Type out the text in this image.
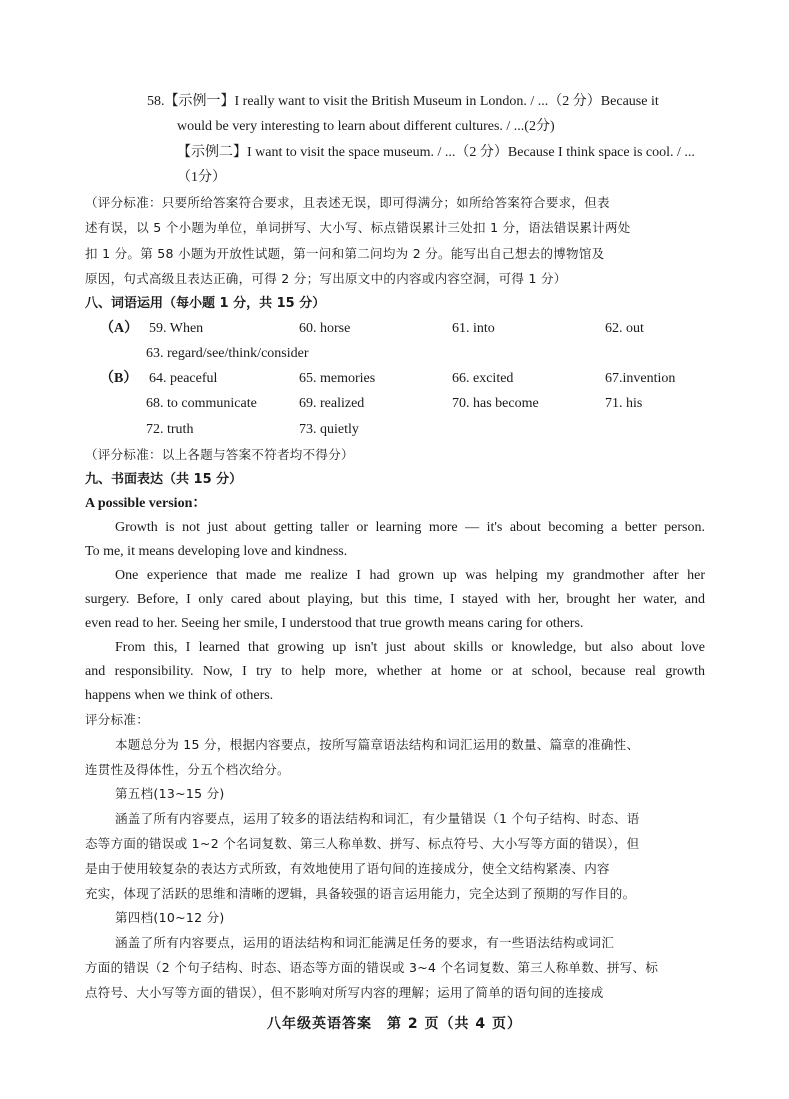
58.【示例一】I really want to visit the British Museum in London. / ...（2 分）Because it
would be very interesting to learn about different cultures. / ...(2分)
【示例二】I want to visit the space museum. / ...（2 分）Because I think space is cool. / ...
（1分）
（评分标准：只要所给答案符合要求，且表述无误，即可得满分；如所给答案符合要求，但表
述有误，以 5 个小题为单位，单词拼写、大小写、标点错误累计三处扣 1 分，语法错误累计两处
扣 1 分。第 58 小题为开放性试题，第一问和第二问均为 2 分。能写出自己想去的博物馆及
原因，句式高级且表达正确，可得 2 分；写出原文中的内容或内容空洞，可得 1 分）
八、词语运用（每小题 1 分，共 15 分）
（A） 59. When	60. horse	61. into	62. out
63. regard/see/think/consider
（B） 64. peaceful	65. memories	66. excited	67.invention
68. to communicate	69. realized	70. has become	71. his
72. truth	73. quietly
（评分标准：以上各题与答案不符者均不得分）
九、书面表达（共 15 分）
A possible version：
Growth is not just about getting taller or learning more — it's about becoming a better person.
To me, it means developing love and kindness.
One experience that made me realize I had grown up was helping my grandmother after her
surgery. Before, I only cared about playing, but this time, I stayed with her, brought her water, and
even read to her. Seeing her smile, I understood that true growth means caring for others.
From this, I learned that growing up isn't just about skills or knowledge, but also about love
and responsibility. Now, I try to help more, whether at home or at school, because real growth
happens when we think of others.
评分标准：
本题总分为 15 分，根据内容要点，按所写篇章语法结构和词汇运用的数量、篇章的准确性、
连贯性及得体性，分五个档次给分。
第五档(13~15 分)
涵盖了所有内容要点，运用了较多的语法结构和词汇，有少量错误（1 个句子结构、时态、语
态等方面的错误或 1~2 个名词复数、第三人称单数、拼写、标点符号、大小写等方面的错误），但
是由于使用较复杂的表达方式所致，有效地使用了语句间的连接成分，使全文结构紧凑、内容
充实，体现了活跃的思维和清晰的逻辑，具备较强的语言运用能力，完全达到了预期的写作目的。
第四档(10~12 分)
涵盖了所有内容要点，运用的语法结构和词汇能满足任务的要求，有一些语法结构或词汇
方面的错误（2 个句子结构、时态、语态等方面的错误或 3~4 个名词复数、第三人称单数、拼写、标
点符号、大小写等方面的错误），但不影响对所写内容的理解；运用了简单的语句间的连接成
八年级英语答案　第 2 页（共 4 页）
